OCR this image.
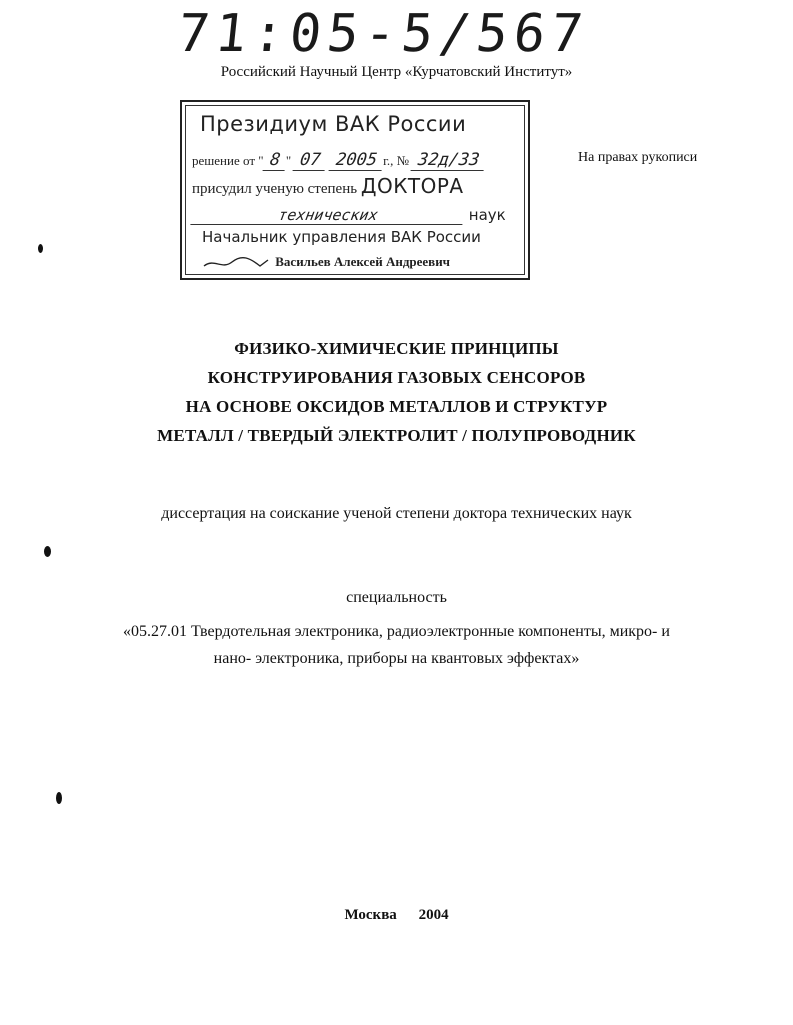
71:05-5/567
Российский Научный Центр «Курчатовский Институт»
Президиум ВАК России
решение от " 8 " 07 2005 г., № 32д/33
присудил ученую степень ДОКТОРА
технических	наук
Начальник управления ВАК России
Васильев Алексей Андреевич
На правах рукописи
ФИЗИКО-ХИМИЧЕСКИЕ ПРИНЦИПЫ
КОНСТРУИРОВАНИЯ ГАЗОВЫХ СЕНСОРОВ
НА ОСНОВЕ ОКСИДОВ МЕТАЛЛОВ И СТРУКТУР
МЕТАЛЛ / ТВЕРДЫЙ ЭЛЕКТРОЛИТ / ПОЛУПРОВОДНИК
диссертация на соискание ученой степени доктора технических наук
специальность
«05.27.01 Твердотельная электроника, радиоэлектронные компоненты, микро- и
нано- электроника, приборы на квантовых эффектах»
Москва 2004
